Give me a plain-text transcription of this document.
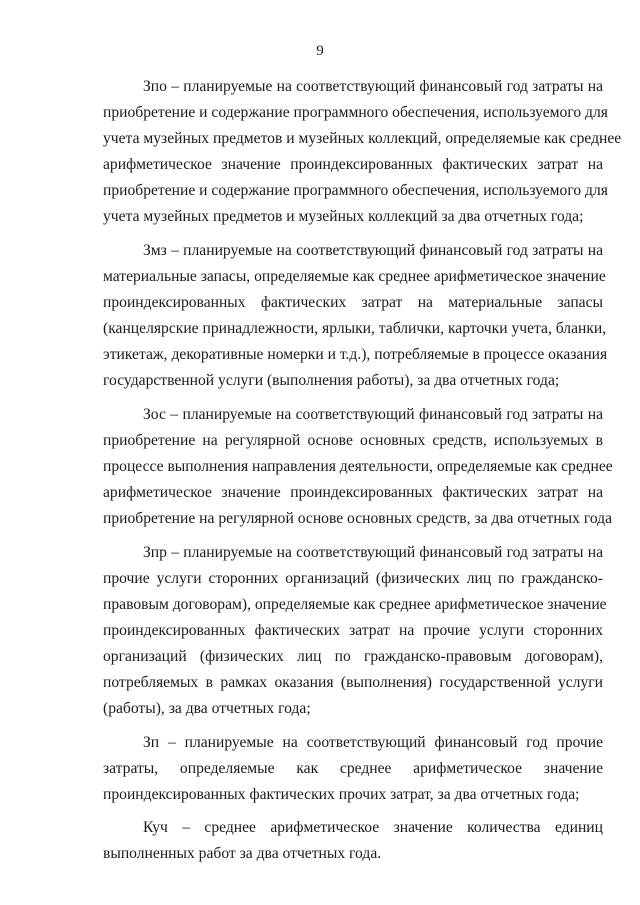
9
Зпо – планируемые на соответствующий финансовый год затраты на
приобретение и содержание программного обеспечения, используемого для
учета музейных предметов и музейных коллекций, определяемые как среднее
арифметическое значение проиндексированных фактических затрат на
приобретение и содержание программного обеспечения, используемого для
учета музейных предметов и музейных коллекций за два отчетных года;
Змз – планируемые на соответствующий финансовый год затраты на
материальные запасы, определяемые как среднее арифметическое значение
проиндексированных фактических затрат на материальные запасы
(канцелярские принадлежности, ярлыки, таблички, карточки учета, бланки,
этикетаж, декоративные номерки и т.д.), потребляемые в процессе оказания
государственной услуги (выполнения работы), за два отчетных года;
Зос – планируемые на соответствующий финансовый год затраты на
приобретение на регулярной основе основных средств, используемых в
процессе выполнения направления деятельности, определяемые как среднее
арифметическое значение проиндексированных фактических затрат на
приобретение на регулярной основе основных средств, за два отчетных года
Зпр – планируемые на соответствующий финансовый год затраты на
прочие услуги сторонних организаций (физических лиц по гражданско-
правовым договорам), определяемые как среднее арифметическое значение
проиндексированных фактических затрат на прочие услуги сторонних
организаций (физических лиц по гражданско-правовым договорам),
потребляемых в рамках оказания (выполнения) государственной услуги
(работы), за два отчетных года;
Зп – планируемые на соответствующий финансовый год прочие
затраты, определяемые как среднее арифметическое значение
проиндексированных фактических прочих затрат, за два отчетных года;
Куч – среднее арифметическое значение количества единиц
выполненных работ за два отчетных года.
